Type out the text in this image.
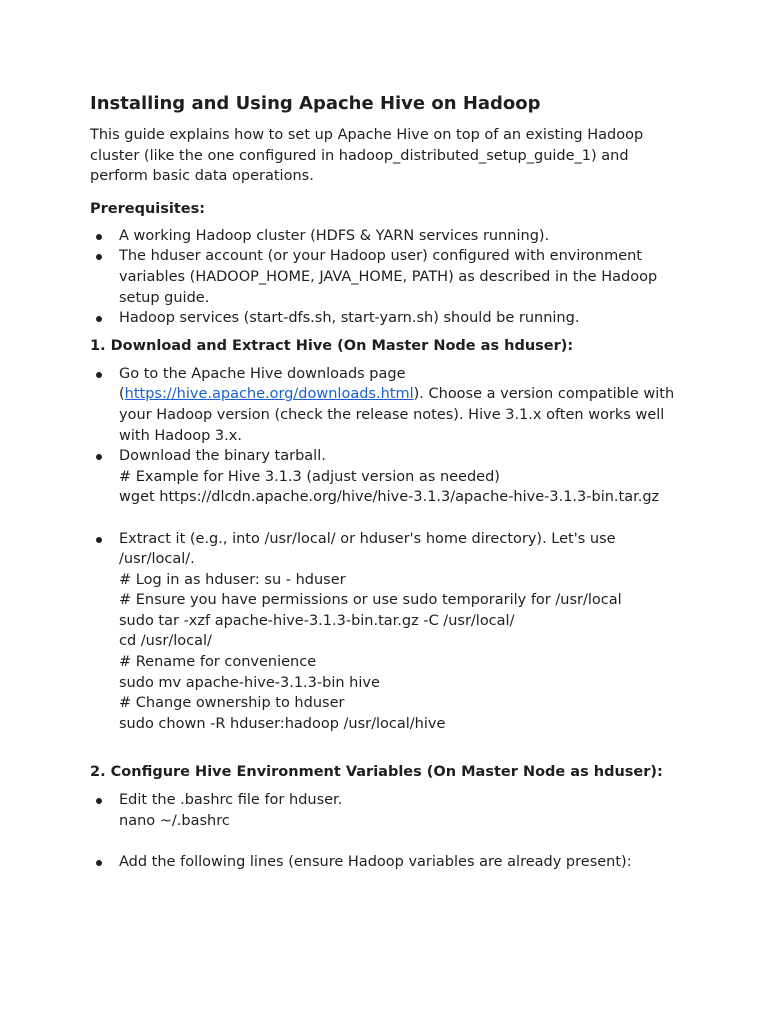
Installing and Using Apache Hive on Hadoop

This guide explains how to set up Apache Hive on top of an existing Hadoop cluster (like the one configured in hadoop_distributed_setup_guide_1) and perform basic data operations.

Prerequisites:

A working Hadoop cluster (HDFS & YARN services running).
The hduser account (or your Hadoop user) configured with environment variables (HADOOP_HOME, JAVA_HOME, PATH) as described in the Hadoop setup guide.
Hadoop services (start-dfs.sh, start-yarn.sh) should be running.

1. Download and Extract Hive (On Master Node as hduser):

Go to the Apache Hive downloads page (https://hive.apache.org/downloads.html). Choose a version compatible with your Hadoop version (check the release notes). Hive 3.1.x often works well with Hadoop 3.x.
Download the binary tarball.
# Example for Hive 3.1.3 (adjust version as needed)
wget https://dlcdn.apache.org/hive/hive-3.1.3/apache-hive-3.1.3-bin.tar.gz
Extract it (e.g., into /usr/local/ or hduser's home directory). Let's use /usr/local/.
# Log in as hduser: su - hduser
# Ensure you have permissions or use sudo temporarily for /usr/local
sudo tar -xzf apache-hive-3.1.3-bin.tar.gz -C /usr/local/
cd /usr/local/
# Rename for convenience
sudo mv apache-hive-3.1.3-bin hive
# Change ownership to hduser
sudo chown -R hduser:hadoop /usr/local/hive

2. Configure Hive Environment Variables (On Master Node as hduser):

Edit the .bashrc file for hduser.
nano ~/.bashrc
Add the following lines (ensure Hadoop variables are already present):
